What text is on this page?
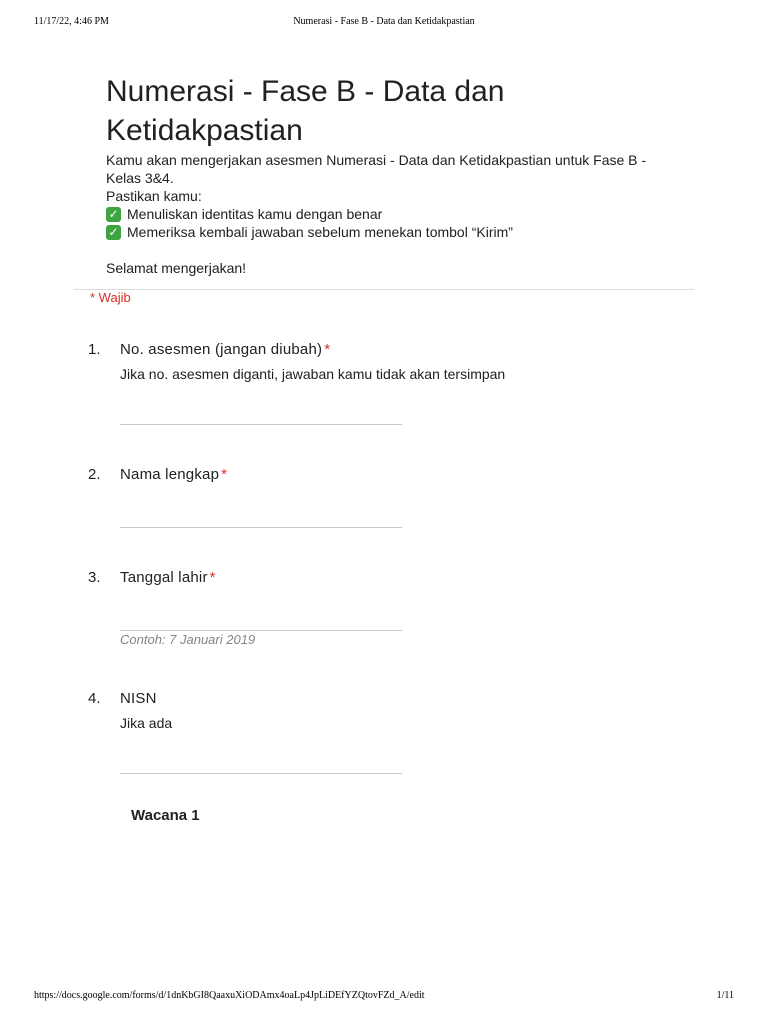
11/17/22, 4:46 PM	Numerasi - Fase B - Data dan Ketidakpastian
Numerasi - Fase B - Data dan Ketidakpastian

Kamu akan mengerjakan asesmen Numerasi - Data dan Ketidakpastian untuk Fase B - Kelas 3&4.

Pastikan kamu:

✓ Menuliskan identitas kamu dengan benar

✓ Memeriksa kembali jawaban sebelum menekan tombol “Kirim”

Selamat mengerjakan!

* Wajib
1. No. asesmen (jangan diubah) *
Jika no. asesmen diganti, jawaban kamu tidak akan tersimpan
2. Nama lengkap *
3. Tanggal lahir *
Contoh: 7 Januari 2019
4. NISN
Jika ada
Wacana 1
https://docs.google.com/forms/d/1dnKbGI8QaaxuXiODAmx4oaLp4JpLiDEfYZQtovFZd_A/edit	1/11
